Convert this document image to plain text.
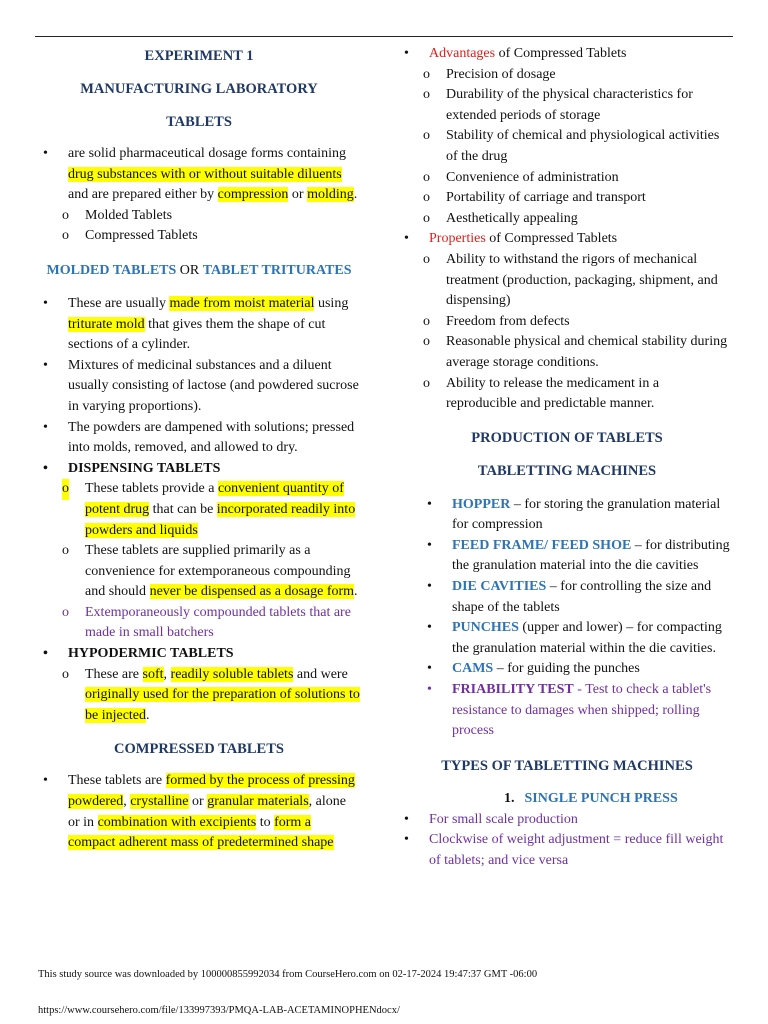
EXPERIMENT 1

MANUFACTURING LABORATORY

TABLETS

• are solid pharmaceutical dosage forms containing drug substances with or without suitable diluents and are prepared either by compression or molding.
o Molded Tablets
o Compressed Tablets

MOLDED TABLETS OR TABLET TRITURATES

• These are usually made from moist material using triturate mold that gives them the shape of cut sections of a cylinder.
• Mixtures of medicinal substances and a diluent usually consisting of lactose (and powdered sucrose in varying proportions).
• The powders are dampened with solutions; pressed into molds, removed, and allowed to dry.
• DISPENSING TABLETS
o These tablets provide a convenient quantity of potent drug that can be incorporated readily into powders and liquids
o These tablets are supplied primarily as a convenience for extemporaneous compounding and should never be dispensed as a dosage form.
o Extemporaneously compounded tablets that are made in small batchers
• HYPODERMIC TABLETS
o These are soft, readily soluble tablets and were originally used for the preparation of solutions to be injected.

COMPRESSED TABLETS

• These tablets are formed by the process of pressing powdered, crystalline or granular materials, alone or in combination with excipients to form a compact adherent mass of predetermined shape
• Advantages of Compressed Tablets
o Precision of dosage
o Durability of the physical characteristics for extended periods of storage
o Stability of chemical and physiological activities of the drug
o Convenience of administration
o Portability of carriage and transport
o Aesthetically appealing
• Properties of Compressed Tablets
o Ability to withstand the rigors of mechanical treatment (production, packaging, shipment, and dispensing)
o Freedom from defects
o Reasonable physical and chemical stability during average storage conditions.
o Ability to release the medicament in a reproducible and predictable manner.

PRODUCTION OF TABLETS

TABLETTING MACHINES

• HOPPER – for storing the granulation material for compression
• FEED FRAME/ FEED SHOE – for distributing the granulation material into the die cavities
• DIE CAVITIES – for controlling the size and shape of the tablets
• PUNCHES (upper and lower) – for compacting the granulation material within the die cavities.
• CAMS – for guiding the punches
• FRIABILITY TEST - Test to check a tablet's resistance to damages when shipped; rolling process

TYPES OF TABLETTING MACHINES

1. SINGLE PUNCH PRESS

• For small scale production
• Clockwise of weight adjustment = reduce fill weight of tablets; and vice versa
This study source was downloaded by 100000855992034 from CourseHero.com on 02-17-2024 19:47:37 GMT -06:00
https://www.coursehero.com/file/133997393/PMQA-LAB-ACETAMINOPHENdocx/
